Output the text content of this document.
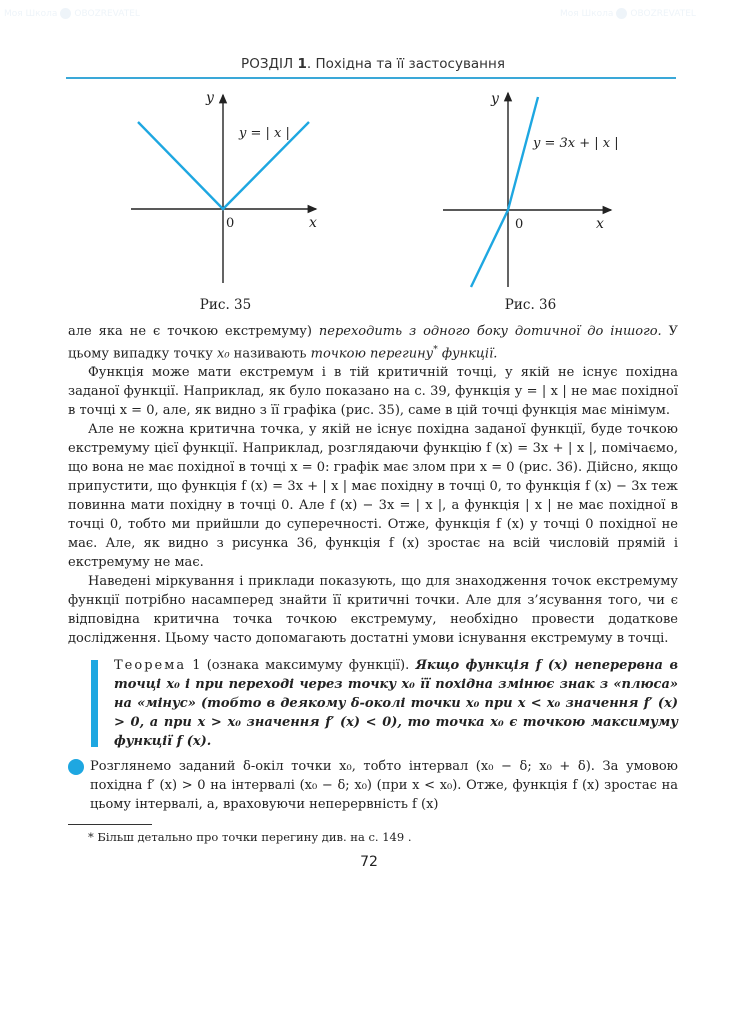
Моя Школа OBOZREVATEL	Моя Школа OBOZREVATEL
РОЗДІЛ 1. Похідна та її застосування
y
x
0
y = | x |
Рис. 35
y
x
0
y = 3x + | x |
Рис. 36

але яка не є точкою екстремуму) переходить з одного боку дотичної до іншого. У цьому випадку точку x₀ називають точкою перегину* функції.

Функція може мати екстремум і в тій критичній точці, у якій не існує похідна заданої функції. Наприклад, як було показано на с. 39, функція y = | x | не має похідної в точці x = 0, але, як видно з її графіка (рис. 35), саме в цій точці функція має мінімум.

Але не кожна критична точка, у якій не існує похідна заданої функції, буде точкою екстремуму цієї функції. Наприклад, розглядаючи функцію f (x) = 3x + | x |, помічаємо, що вона не має похідної в точці x = 0: графік має злом при x = 0 (рис. 36). Дійсно, якщо припустити, що функція f (x) = 3x + | x | має похідну в точці 0, то функція f (x) − 3x теж повинна мати похідну в точці 0. Але f (x) − 3x = | x |, а функція | x | не має похідної в точці 0, тобто ми прийшли до суперечності. Отже, функція f (x) у точці 0 похідної не має. Але, як видно з рисунка 36, функція f (x) зростає на всій числовій прямій і екстремуму не має.

Наведені міркування і приклади показують, що для знаходження точок екстремуму функції потрібно насамперед знайти її критичні точки. Але для з’ясування того, чи є відповідна критична точка точкою екстремуму, необхідно провести додаткове дослідження. Цьому часто допомагають достатні умови існування екстремуму в точці.

Теорема 1 (ознака максимуму функції). Якщо функція f (x) неперервна в точці x₀ і при переході через точку x₀ її похідна змінює знак з «плюса» на «мінус» (тобто в деякому δ-околі точки x₀ при x < x₀ значення f′ (x) > 0, а при x > x₀ значення f′ (x) < 0), то точка x₀ є точкою максимуму функції f (x).
Розглянемо заданий δ-окіл точки x₀, тобто інтервал (x₀ − δ; x₀ + δ). За умовою похідна f′ (x) > 0 на інтервалі (x₀ − δ; x₀) (при x < x₀). Отже, функція f (x) зростає на цьому інтервалі, а, враховуючи неперервність f (x)
* Більш детально про точки перегину див. на с. 149 .
72
